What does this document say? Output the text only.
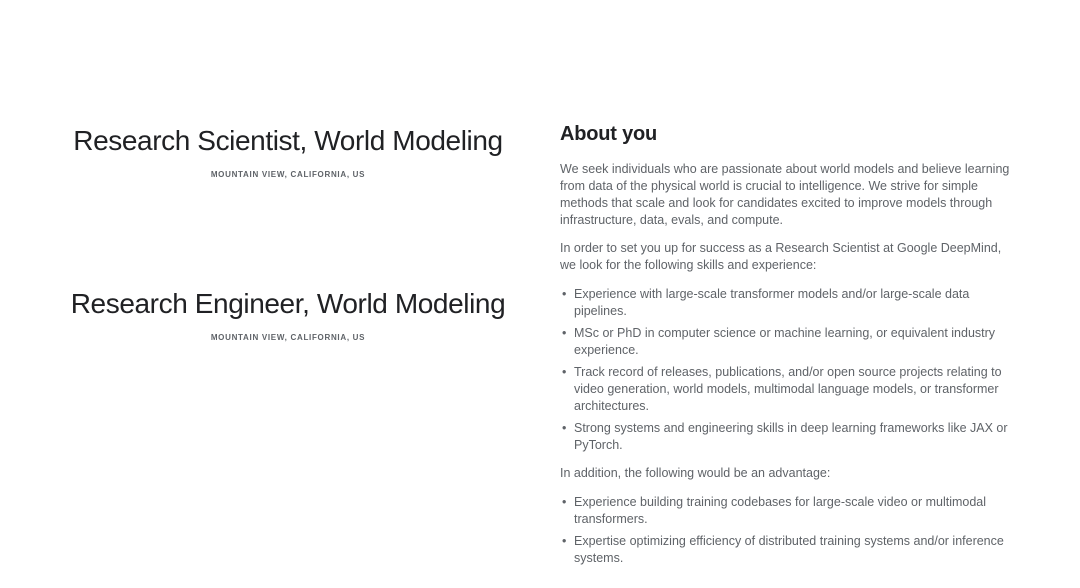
Research Scientist, World Modeling
MOUNTAIN VIEW, CALIFORNIA, US
Research Engineer, World Modeling
MOUNTAIN VIEW, CALIFORNIA, US
About you

We seek individuals who are passionate about world models and believe learning from data of the physical world is crucial to intelligence. We strive for simple methods that scale and look for candidates excited to improve models through infrastructure, data, evals, and compute.

In order to set you up for success as a Research Scientist at Google DeepMind, we look for the following skills and experience:

• Experience with large-scale transformer models and/or large-scale data pipelines.
• MSc or PhD in computer science or machine learning, or equivalent industry experience.
• Track record of releases, publications, and/or open source projects relating to video generation, world models, multimodal language models, or transformer architectures.
• Strong systems and engineering skills in deep learning frameworks like JAX or PyTorch.

In addition, the following would be an advantage:

• Experience building training codebases for large-scale video or multimodal transformers.
• Expertise optimizing efficiency of distributed training systems and/or inference systems.
